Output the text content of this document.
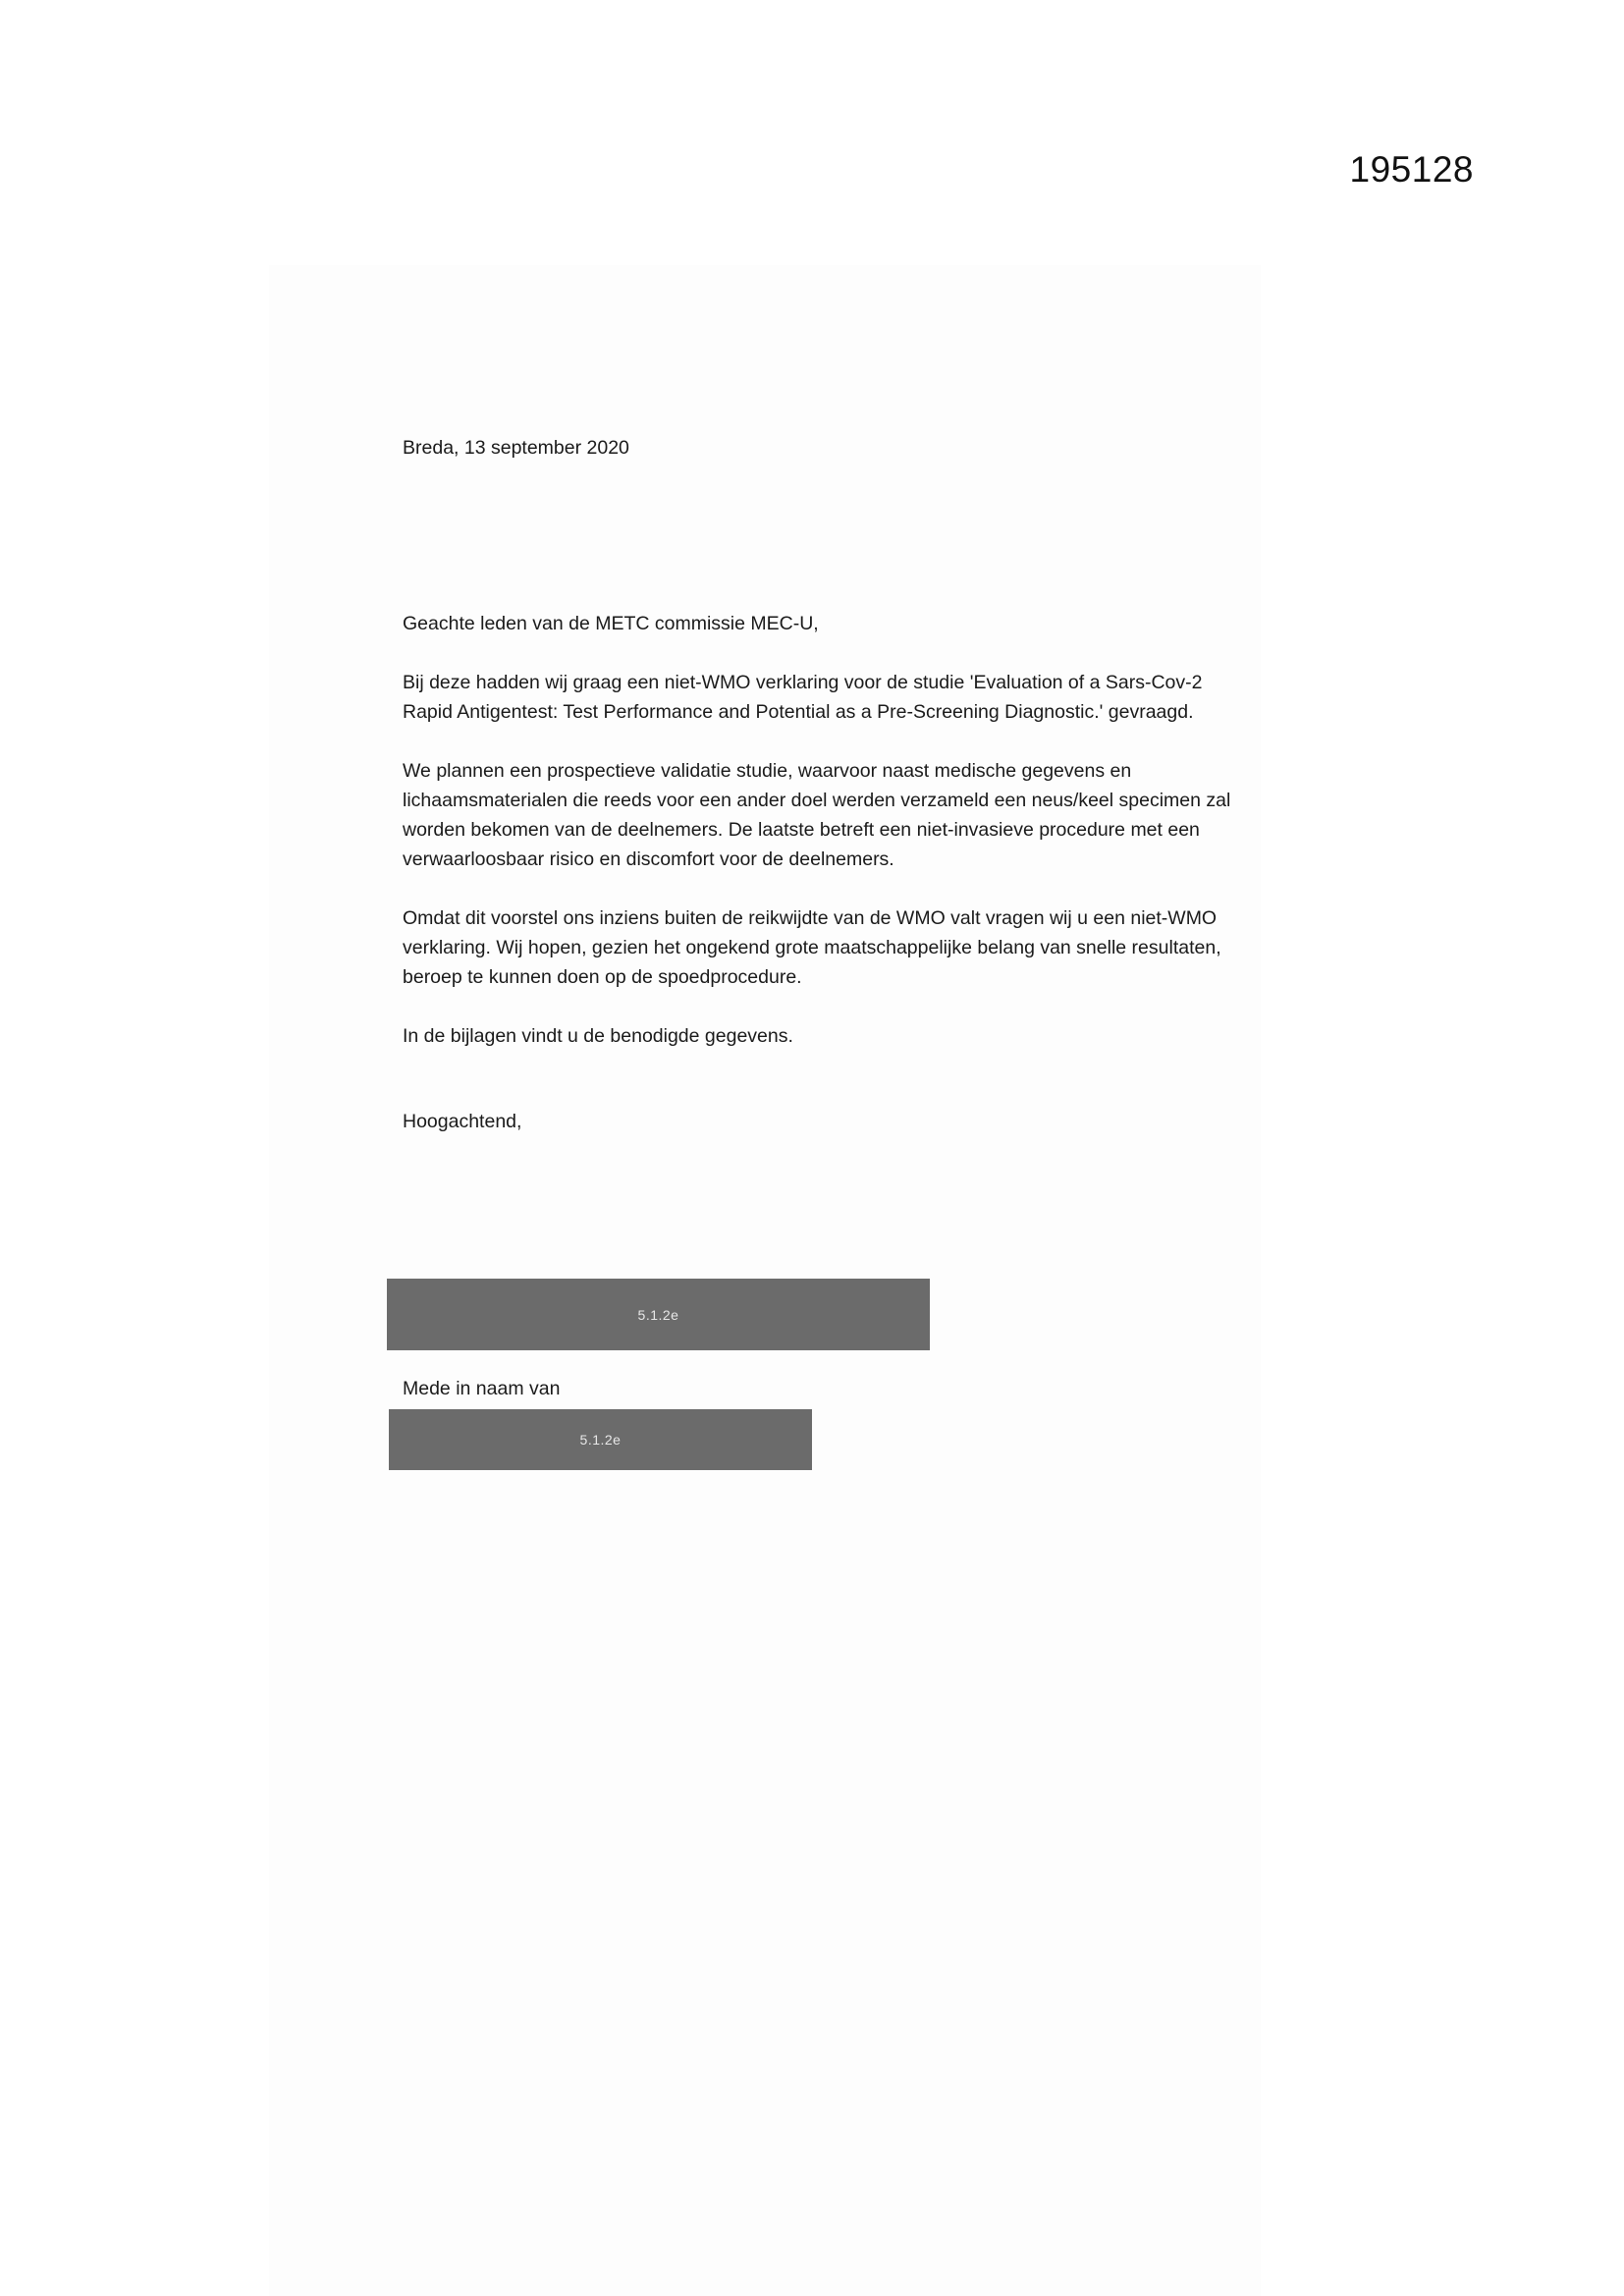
195128
Breda, 13 september 2020
Geachte leden van de METC commissie MEC-U,

Bij deze hadden wij graag een niet-WMO verklaring voor de studie 'Evaluation of a Sars-Cov-2 Rapid Antigentest: Test Performance and Potential as a Pre-Screening Diagnostic.' gevraagd.

We plannen een prospectieve validatie studie, waarvoor naast medische gegevens en lichaamsmaterialen die reeds voor een ander doel werden verzameld een neus/keel specimen zal worden bekomen van de deelnemers. De laatste betreft een niet-invasieve procedure met een verwaarloosbaar risico en discomfort voor de deelnemers.

Omdat dit voorstel ons inziens buiten de reikwijdte van de WMO valt vragen wij u een niet-WMO verklaring. Wij hopen, gezien het ongekend grote maatschappelijke belang van snelle resultaten, beroep te kunnen doen op de spoedprocedure.

In de bijlagen vindt u de benodigde gegevens.

Hoogachtend,
5.1.2e
Mede in naam van
5.1.2e
